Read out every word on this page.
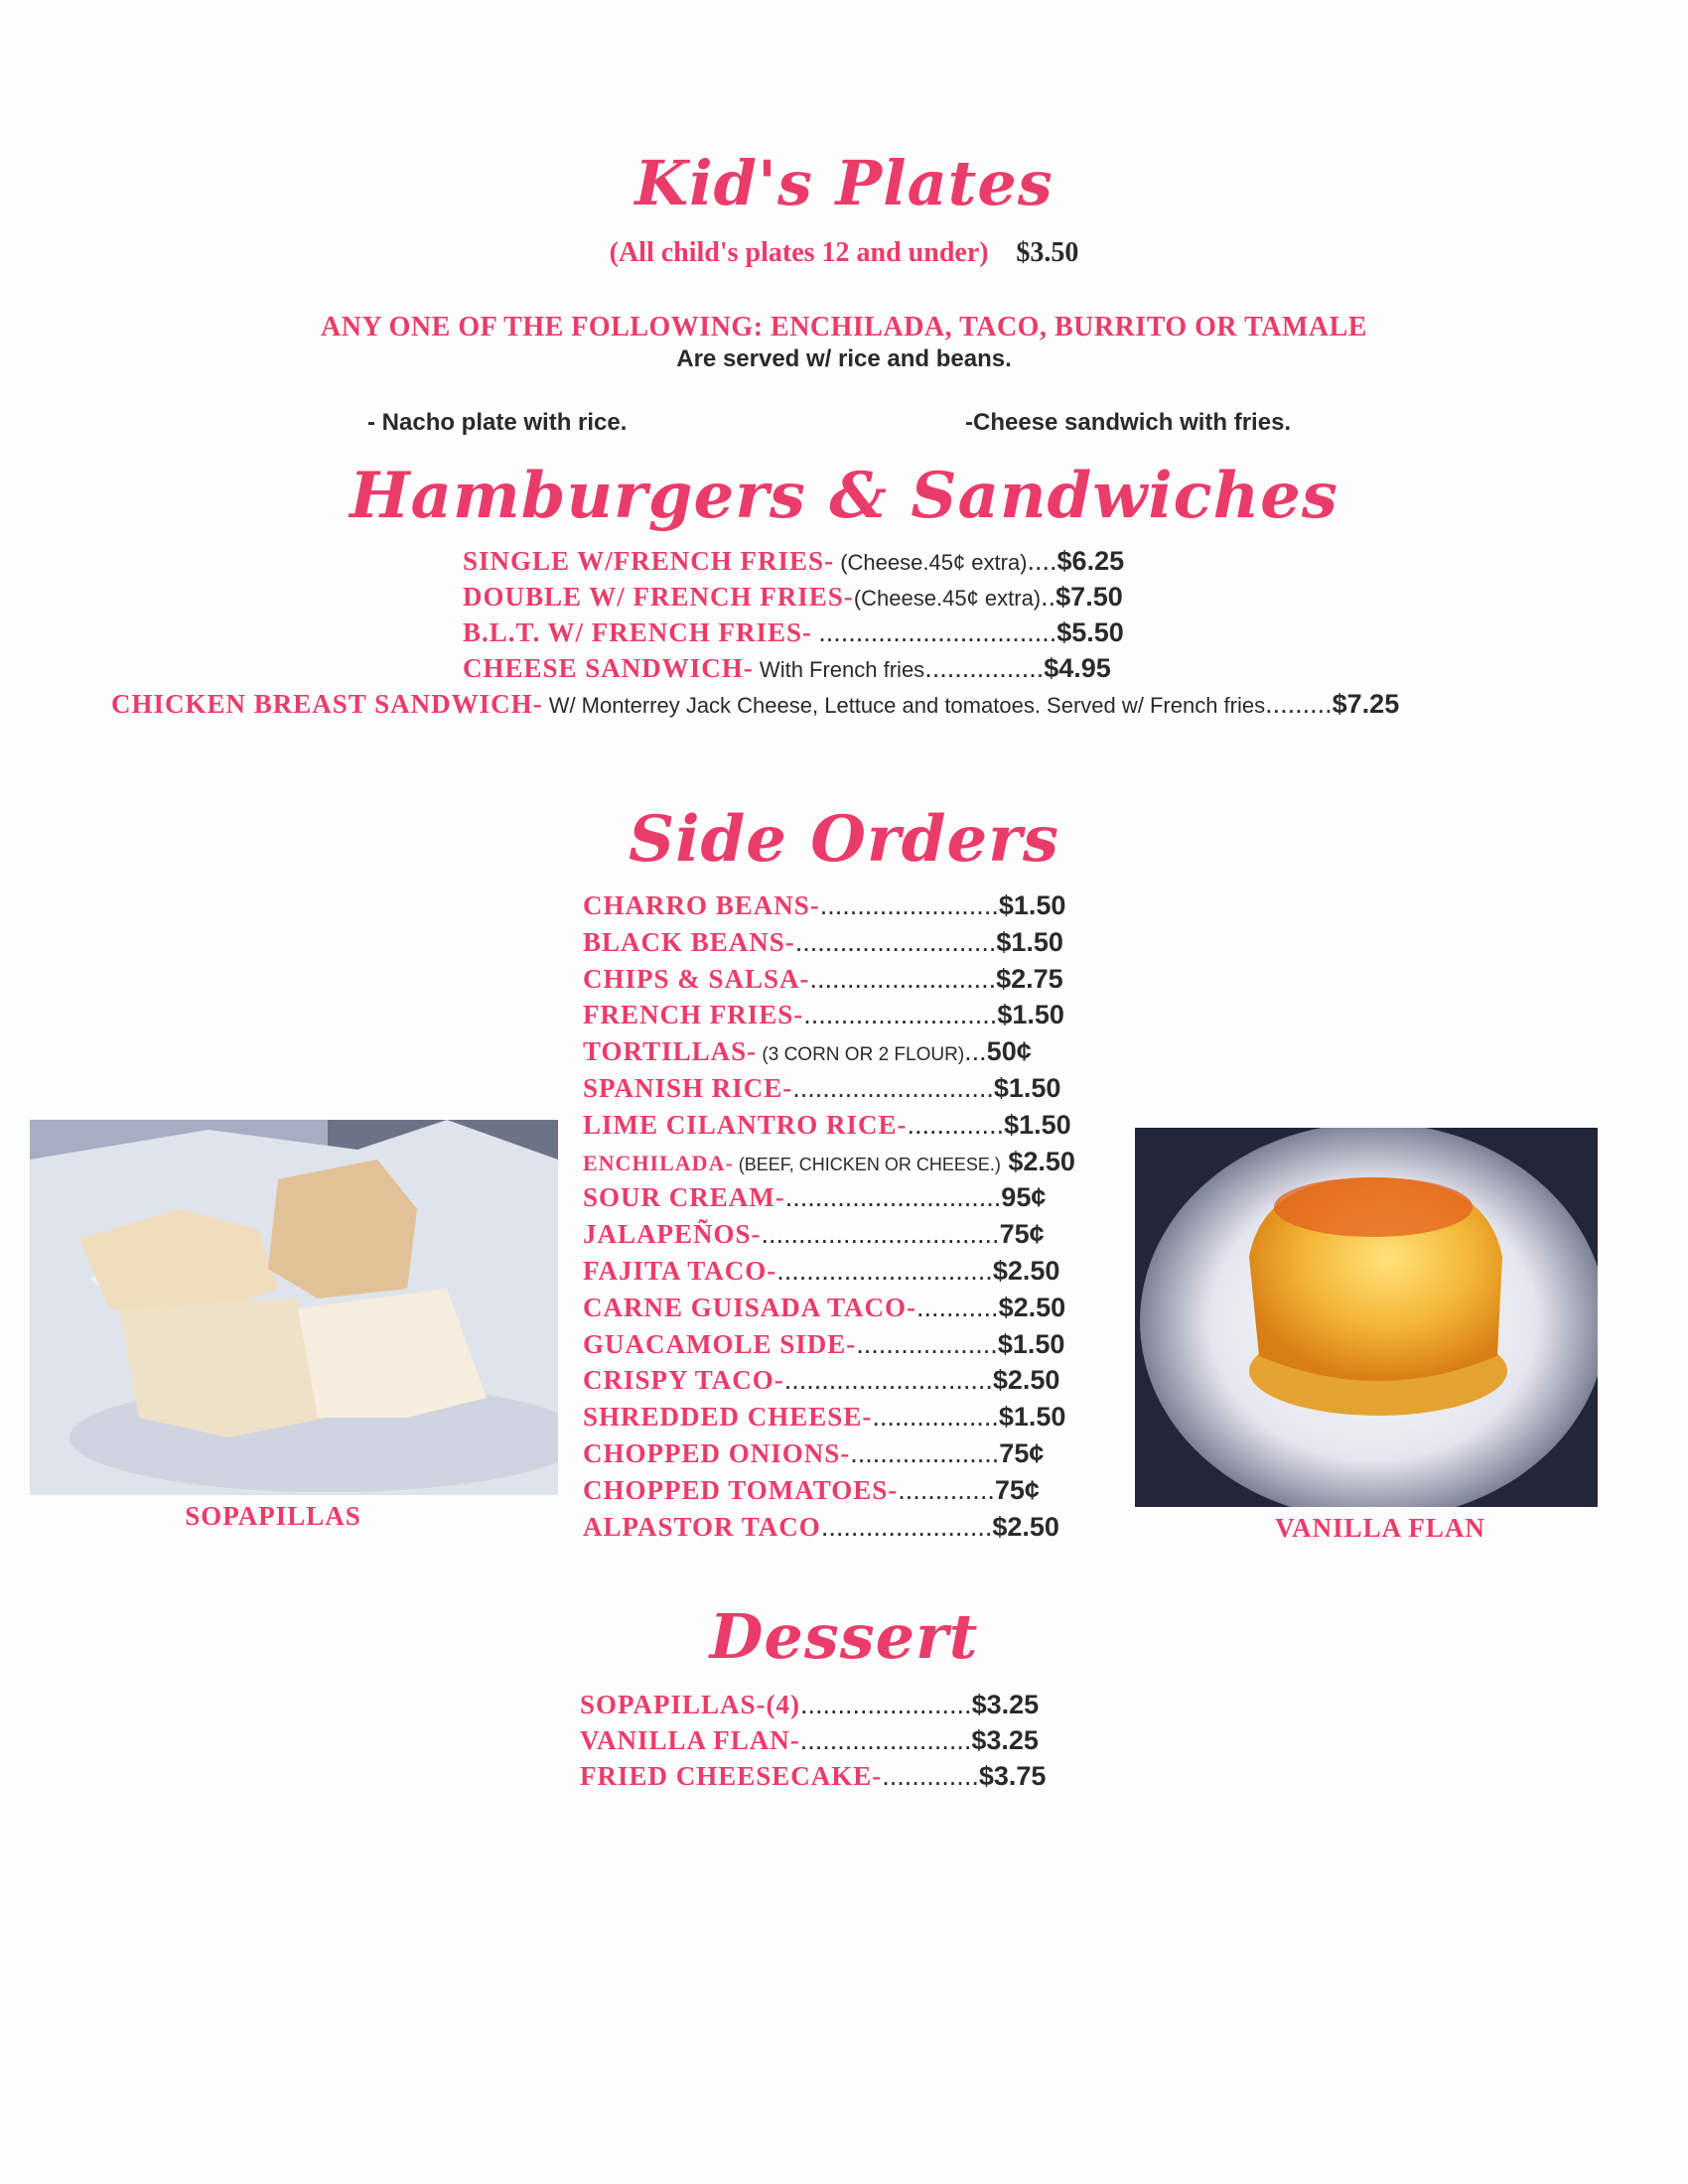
Kid's Plates
(All child's plates 12 and under) $3.50
ANY ONE OF THE FOLLOWING: ENCHILADA, TACO, BURRITO OR TAMALE
Are served w/ rice and beans.
- Nacho plate with rice.	-Cheese sandwich with fries.
Hamburgers & Sandwiches
SINGLE W/FRENCH FRIES- (Cheese.45¢ extra)....$6.25
DOUBLE W/ FRENCH FRIES-(Cheese.45¢ extra)..$7.50
B.L.T. W/ FRENCH FRIES- ................................$5.50
CHEESE SANDWICH- With French fries................$4.95
CHICKEN BREAST SANDWICH- W/ Monterrey Jack Cheese, Lettuce and tomatoes. Served w/ French fries.........$7.25
Side Orders
CHARRO BEANS-........................$1.50
BLACK BEANS-...........................$1.50
CHIPS & SALSA-.........................$2.75
FRENCH FRIES-..........................$1.50
TORTILLAS- (3 CORN OR 2 FLOUR)...50¢
SPANISH RICE-...........................$1.50
LIME CILANTRO RICE-.............$1.50
ENCHILADA- (BEEF, CHICKEN OR CHEESE.) $2.50
SOUR CREAM-.............................95¢
JALAPEÑOS-................................75¢
FAJITA TACO-.............................$2.50
CARNE GUISADA TACO-...........$2.50
GUACAMOLE SIDE-...................$1.50
CRISPY TACO-............................$2.50
SHREDDED CHEESE-.................$1.50
CHOPPED ONIONS-....................75¢
CHOPPED TOMATOES-.............75¢
ALPASTOR TACO.......................$2.50
SOPAPILLAS	VANILLA FLAN
Dessert
SOPAPILLAS-(4).......................$3.25
VANILLA FLAN-.......................$3.25
FRIED CHEESECAKE-.............$3.75
